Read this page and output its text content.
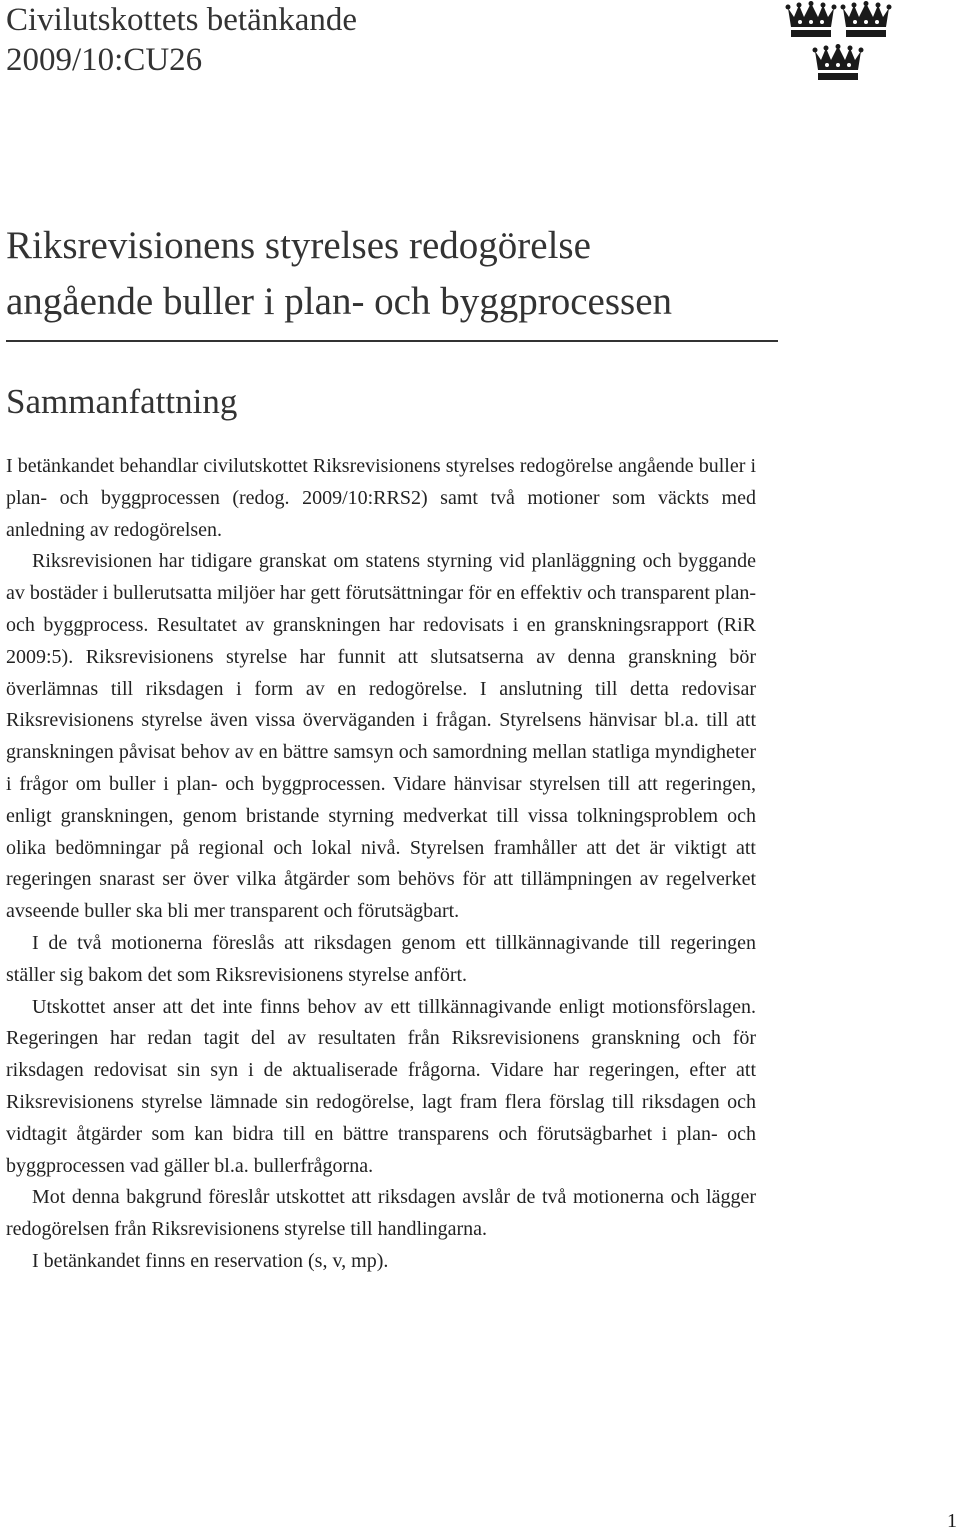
Civilutskottets betänkande
2009/10:CU26
Riksrevisionens styrelses redogörelse
angående buller i plan- och byggprocessen
Sammanfattning

I betänkandet behandlar civilutskottet Riksrevisionens styrelses redogörelse angående buller i plan- och byggprocessen (redog. 2009/10:RRS2) samt två motioner som väckts med anledning av redogörelsen.

Riksrevisionen har tidigare granskat om statens styrning vid planläggning och byggande av bostäder i bullerutsatta miljöer har gett förutsättningar för en effektiv och transparent plan- och byggprocess. Resultatet av granskningen har redovisats i en granskningsrapport (RiR 2009:5). Riksrevisionens styrelse har funnit att slutsatserna av denna granskning bör överlämnas till riksdagen i form av en redogörelse. I anslutning till detta redovisar Riksrevisionens styrelse även vissa överväganden i frågan. Styrelsens hänvisar bl.a. till att granskningen påvisat behov av en bättre samsyn och samordning mellan statliga myndigheter i frågor om buller i plan- och byggprocessen. Vidare hänvisar styrelsen till att regeringen, enligt granskningen, genom bristande styrning medverkat till vissa tolkningsproblem och olika bedömningar på regional och lokal nivå. Styrelsen framhåller att det är viktigt att regeringen snarast ser över vilka åtgärder som behövs för att tillämpningen av regelverket avseende buller ska bli mer transparent och förutsägbart.

I de två motionerna föreslås att riksdagen genom ett tillkännagivande till regeringen ställer sig bakom det som Riksrevisionens styrelse anfört.

Utskottet anser att det inte finns behov av ett tillkännagivande enligt motionsförslagen. Regeringen har redan tagit del av resultaten från Riksrevisionens granskning och för riksdagen redovisat sin syn i de aktualiserade frågorna. Vidare har regeringen, efter att Riksrevisionens styrelse lämnade sin redogörelse, lagt fram flera förslag till riksdagen och vidtagit åtgärder som kan bidra till en bättre transparens och förutsägbarhet i plan- och byggprocessen vad gäller bl.a. bullerfrågorna.

Mot denna bakgrund föreslår utskottet att riksdagen avslår de två motionerna och lägger redogörelsen från Riksrevisionens styrelse till handlingarna.

I betänkandet finns en reservation (s, v, mp).

1
